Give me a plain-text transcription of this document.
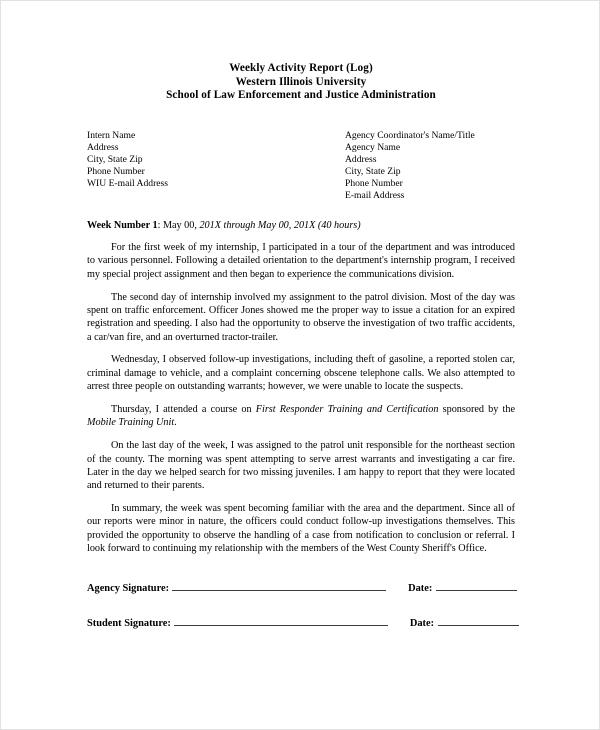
Weekly Activity Report (Log)
Western Illinois University
School of Law Enforcement and Justice Administration
Intern Name
Address
City, State Zip
Phone Number
WIU E-mail Address
Agency Coordinator's Name/Title
Agency Name
Address
City, State Zip
Phone Number
E-mail Address
Week Number 1: May 00, 201X through May 00, 201X (40 hours)

For the first week of my internship, I participated in a tour of the department and was introduced to various personnel. Following a detailed orientation to the department's internship program, I received my special project assignment and then began to experience the communications division.

The second day of internship involved my assignment to the patrol division. Most of the day was spent on traffic enforcement. Officer Jones showed me the proper way to issue a citation for an expired registration and speeding. I also had the opportunity to observe the investigation of two traffic accidents, a car/van fire, and an overturned tractor-trailer.

Wednesday, I observed follow-up investigations, including theft of gasoline, a reported stolen car, criminal damage to vehicle, and a complaint concerning obscene telephone calls. We also attempted to arrest three people on outstanding warrants; however, we were unable to locate the suspects.

Thursday, I attended a course on First Responder Training and Certification sponsored by the Mobile Training Unit.

On the last day of the week, I was assigned to the patrol unit responsible for the northeast section of the county. The morning was spent attempting to serve arrest warrants and investigating a car fire. Later in the day we helped search for two missing juveniles. I am happy to report that they were located and returned to their parents.

In summary, the week was spent becoming familiar with the area and the department. Since all of our reports were minor in nature, the officers could conduct follow-up investigations themselves. This provided the opportunity to observe the handling of a case from notification to conclusion or referral. I look forward to continuing my relationship with the members of the West County Sheriff's Office.

Agency Signature:	Date:
Student Signature:	Date:
